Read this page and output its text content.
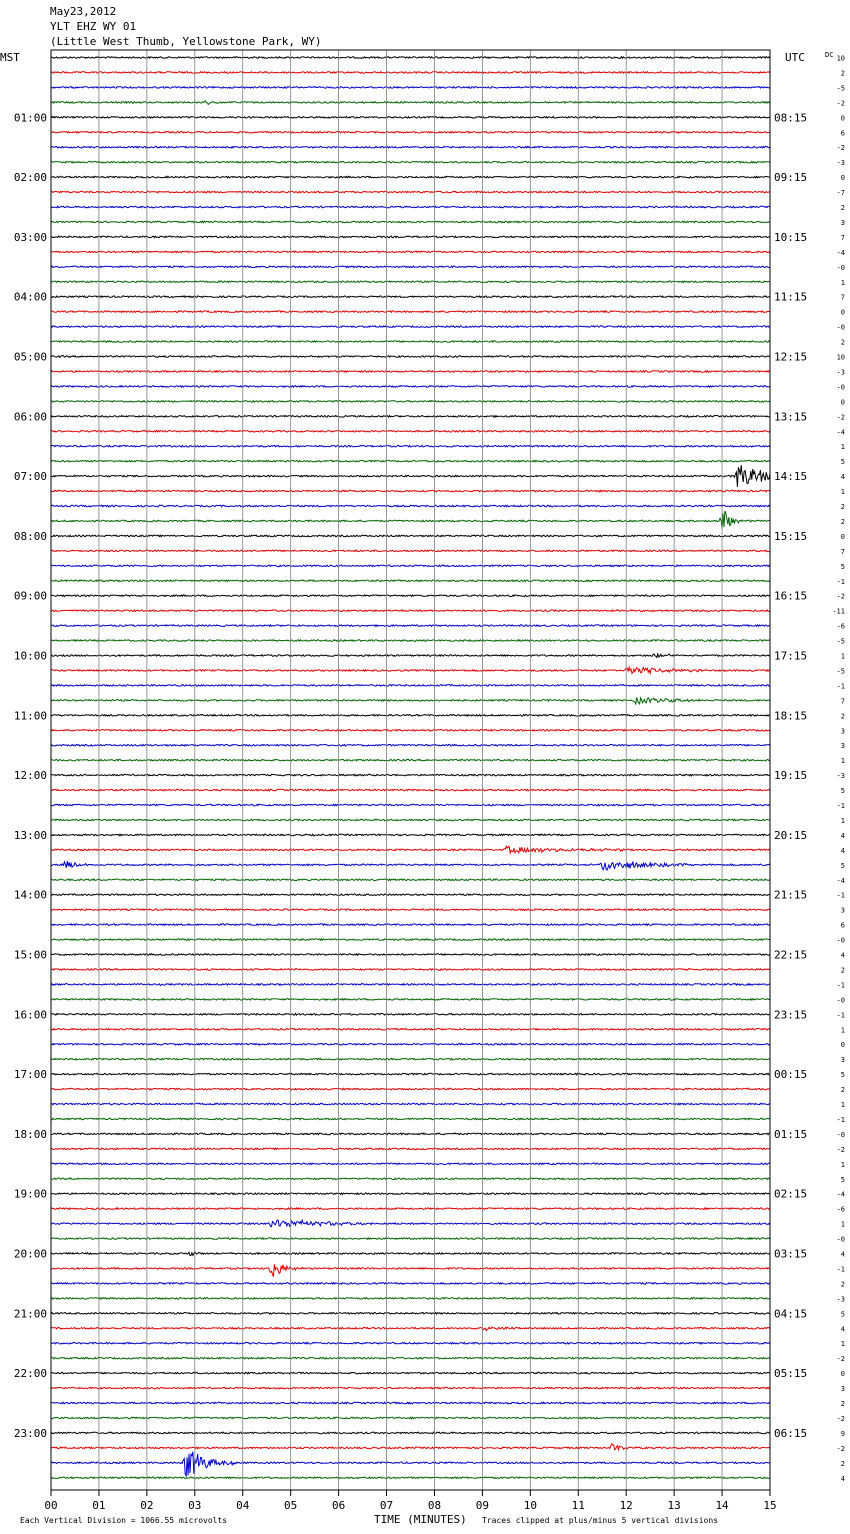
May23,2012
YLT EHZ WY 01
(Little West Thumb, Yellowstone Park, WY)
MST	UTC	DC
TIME (MINUTES)
Each Vertical Division = 1066.55 microvolts	Traces clipped at plus/minus 5 vertical divisions
00	01	02	03	04	05	06	07	08	09	10	11	12	13	14	15
10
2
-5
-2
0
6
-2
-3
0
-7
2
3
7
-4
-0
1
7
0
-0
2
10
-3
-0
0
-2
-4
1
5
4
1
2
2
0
7
5
-1
-2
-11
-6
-5
1
-5
-1
7
2
3
3
1
-3
5
-1
1
4
4
5
-4
-1
3
6
-0
4
2
-1
-0
-1
1
0
3
5
2
1
-1
-0
-2
1
5
-4
-6
1
-0
4
-1
2
-3
5
4
1
-2
0
3
2
-2
9
-2
2
4
01:00	08:15
02:00	09:15
03:00	10:15
04:00	11:15
05:00	12:15
06:00	13:15
07:00	14:15
08:00	15:15
09:00	16:15
10:00	17:15
11:00	18:15
12:00	19:15
13:00	20:15
14:00	21:15
15:00	22:15
16:00	23:15
17:00	00:15
18:00	01:15
19:00	02:15
20:00	03:15
21:00	04:15
22:00	05:15
23:00	06:15
